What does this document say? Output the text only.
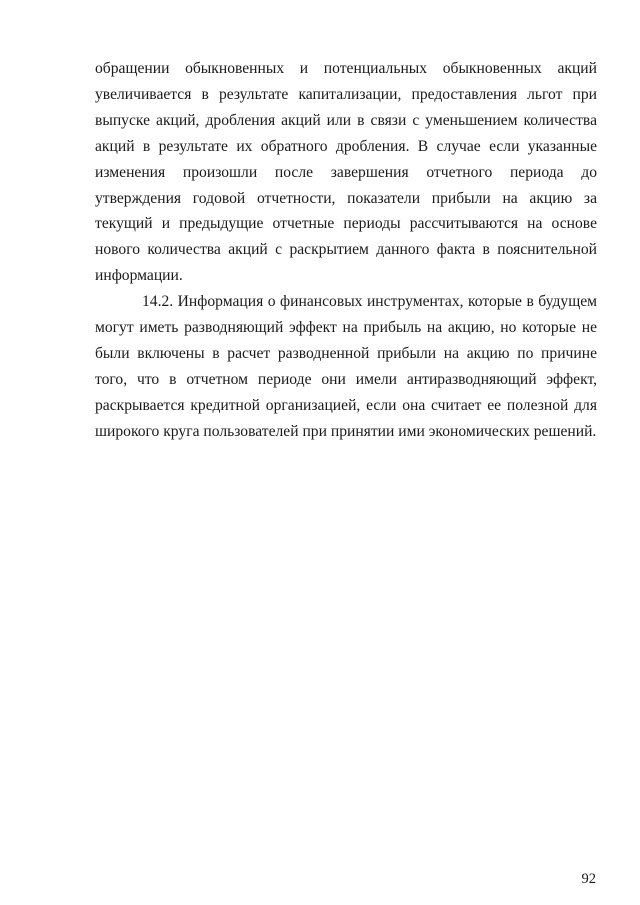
обращении обыкновенных и потенциальных обыкновенных акций увеличивается в результате капитализации, предоставления льгот при выпуске акций, дробления акций или в связи с уменьшением количества акций в результате их обратного дробления. В случае если указанные изменения произошли после завершения отчетного периода до утверждения годовой отчетности, показатели прибыли на акцию за текущий и предыдущие отчетные периоды рассчитываются на основе нового количества акций с раскрытием данного факта в пояснительной информации.

14.2. Информация о финансовых инструментах, которые в будущем могут иметь разводняющий эффект на прибыль на акцию, но которые не были включены в расчет разводненной прибыли на акцию по причине того, что в отчетном периоде они имели антиразводняющий эффект, раскрывается кредитной организацией, если она считает ее полезной для широкого круга пользователей при принятии ими экономических решений.

92
